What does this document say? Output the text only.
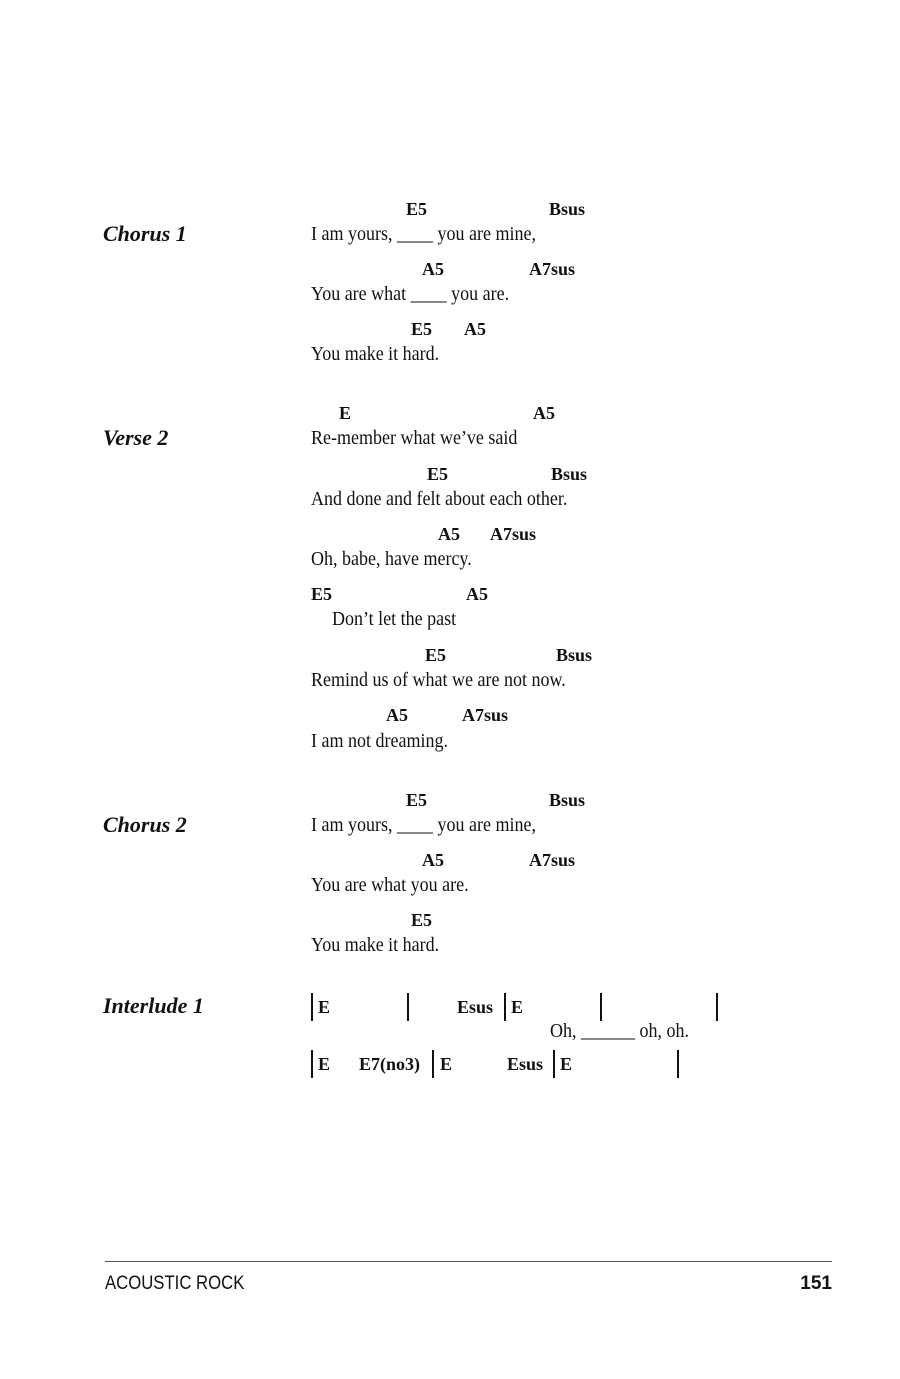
Chorus 1
E5	Bsus
I am yours, ____ you are mine,
A5	A7sus
You are what ____ you are.
E5 A5
You make it hard.
Verse 2
E	A5
Re-member what we’ve said
E5	Bsus
And done and felt about each other.
A5 A7sus
Oh, babe, have mercy.
E5	A5
Don’t let the past
E5	Bsus
Remind us of what we are not now.
A5	A7sus
I am not dreaming.
Chorus 2
E5	Bsus
I am yours, ____ you are mine,
A5	A7sus
You are what you are.
E5
You make it hard.
Interlude 1	E	Esus E
Oh, ______ oh, oh.
E E7(no3) E	Esus E
ACOUSTIC ROCK	151
